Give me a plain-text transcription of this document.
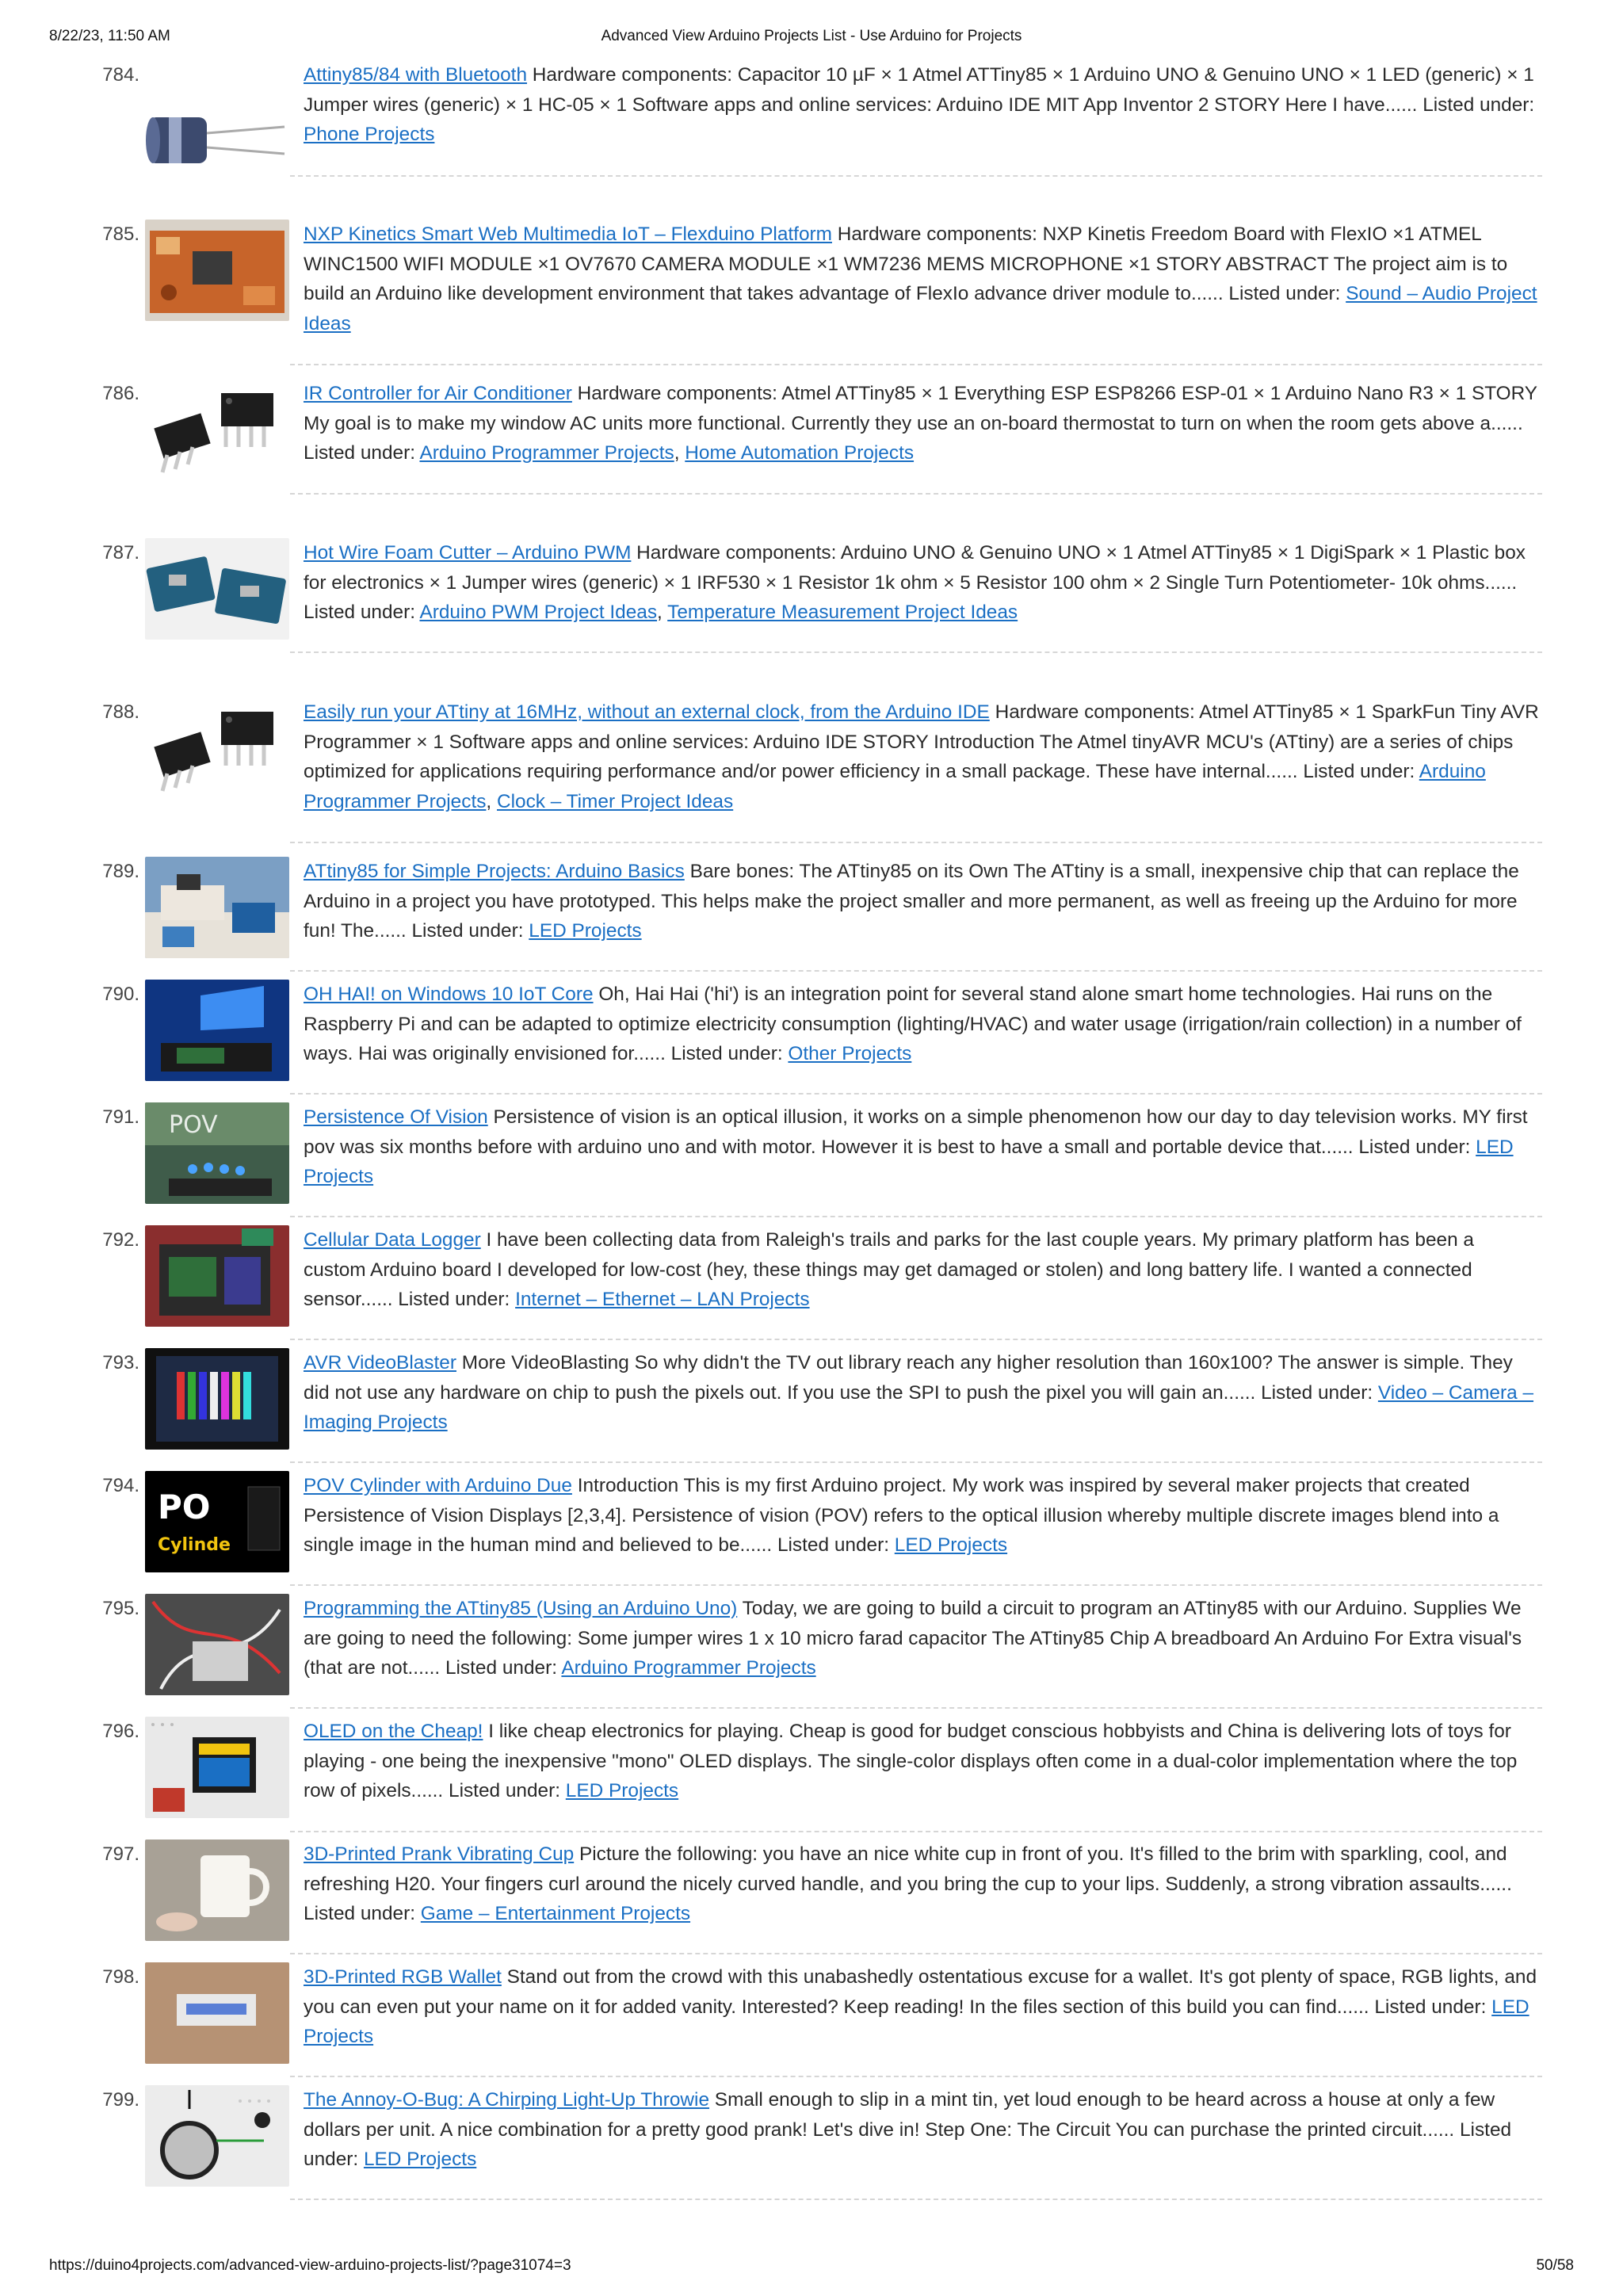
8/22/23, 11:50 AM	Advanced View Arduino Projects List - Use Arduino for Projects
784.	Attiny85/84 with Bluetooth Hardware components: Capacitor 10 µF × 1 Atmel ATTiny85 × 1 Arduino UNO & Genuino UNO × 1 LED (generic) × 1 Jumper wires (generic) × 1 HC-05 × 1 Software apps and online services: Arduino IDE MIT App Inventor 2 STORY Here I have...... Listed under: Phone Projects
785.	NXP Kinetics Smart Web Multimedia IoT – Flexduino Platform Hardware components: NXP Kinetis Freedom Board with FlexIO ×1 ATMEL WINC1500 WIFI MODULE ×1 OV7670 CAMERA MODULE ×1 WM7236 MEMS MICROPHONE ×1 STORY ABSTRACT The project aim is to build an Arduino like development environment that takes advantage of FlexIo advance driver module to...... Listed under: Sound – Audio Project Ideas
786.	IR Controller for Air Conditioner Hardware components: Atmel ATTiny85 × 1 Everything ESP ESP8266 ESP-01 × 1 Arduino Nano R3 × 1 STORY My goal is to make my window AC units more functional. Currently they use an on-board thermostat to turn on when the room gets above a...... Listed under: Arduino Programmer Projects, Home Automation Projects
787.	Hot Wire Foam Cutter – Arduino PWM Hardware components: Arduino UNO & Genuino UNO × 1 Atmel ATTiny85 × 1 DigiSpark × 1 Plastic box for electronics × 1 Jumper wires (generic) × 1 IRF530 × 1 Resistor 1k ohm × 5 Resistor 100 ohm × 2 Single Turn Potentiometer- 10k ohms...... Listed under: Arduino PWM Project Ideas, Temperature Measurement Project Ideas
788.	Easily run your ATtiny at 16MHz, without an external clock, from the Arduino IDE Hardware components: Atmel ATTiny85 × 1 SparkFun Tiny AVR Programmer × 1 Software apps and online services: Arduino IDE STORY Introduction The Atmel tinyAVR MCU's (ATtiny) are a series of chips optimized for applications requiring performance and/or power efficiency in a small package. These have internal...... Listed under: Arduino Programmer Projects, Clock – Timer Project Ideas
789.	ATtiny85 for Simple Projects: Arduino Basics Bare bones: The ATtiny85 on its Own The ATtiny is a small, inexpensive chip that can replace the Arduino in a project you have prototyped. This helps make the project smaller and more permanent, as well as freeing up the Arduino for more fun! The...... Listed under: LED Projects
790.	OH HAI! on Windows 10 IoT Core Oh, Hai Hai ('hi') is an integration point for several stand alone smart home technologies. Hai runs on the Raspberry Pi and can be adapted to optimize electricity consumption (lighting/HVAC) and water usage (irrigation/rain collection) in a number of ways. Hai was originally envisioned for...... Listed under: Other Projects
791. POV	Persistence Of Vision Persistence of vision is an optical illusion, it works on a simple phenomenon how our day to day television works. MY first pov was six months before with arduino uno and with motor. However it is best to have a small and portable device that...... Listed under: LED Projects
792.	Cellular Data Logger I have been collecting data from Raleigh's trails and parks for the last couple years. My primary platform has been a custom Arduino board I developed for low-cost (hey, these things may get damaged or stolen) and long battery life. I wanted a connected sensor...... Listed under: Internet – Ethernet – LAN Projects
793.	AVR VideoBlaster More VideoBlasting So why didn't the TV out library reach any higher resolution than 160x100? The answer is simple. They did not use any hardware on chip to push the pixels out. If you use the SPI to push the pixel you will gain an...... Listed under: Video – Camera – Imaging Projects
794.
PO
Cylinde
POV Cylinder with Arduino Due Introduction This is my first Arduino project. My work was inspired by several maker projects that created Persistence of Vision Displays [2,3,4]. Persistence of vision (POV) refers to the optical illusion whereby multiple discrete images blend into a single image in the human mind and believed to be...... Listed under: LED Projects
795.	Programming the ATtiny85 (Using an Arduino Uno) Today, we are going to build a circuit to program an ATtiny85 with our Arduino. Supplies We are going to need the following: Some jumper wires 1 x 10 micro farad capacitor The ATtiny85 Chip A breadboard An Arduino For Extra visual's (that are not...... Listed under: Arduino Programmer Projects
796.	OLED on the Cheap! I like cheap electronics for playing. Cheap is good for budget conscious hobbyists and China is delivering lots of toys for playing - one being the inexpensive "mono" OLED displays. The single-color displays often come in a dual-color implementation where the top row of pixels...... Listed under: LED Projects
797.	3D-Printed Prank Vibrating Cup Picture the following: you have an nice white cup in front of you. It's filled to the brim with sparkling, cool, and refreshing H20. Your fingers curl around the nicely curved handle, and you bring the cup to your lips. Suddenly, a strong vibration assaults...... Listed under: Game – Entertainment Projects
798.	3D-Printed RGB Wallet Stand out from the crowd with this unabashedly ostentatious excuse for a wallet. It's got plenty of space, RGB lights, and you can even put your name on it for added vanity. Interested? Keep reading! In the files section of this build you can find...... Listed under: LED Projects
799.	The Annoy-O-Bug: A Chirping Light-Up Throwie Small enough to slip in a mint tin, yet loud enough to be heard across a house at only a few dollars per unit. A nice combination for a pretty good prank! Let's dive in! Step One: The Circuit You can purchase the printed circuit...... Listed under: LED Projects
https://duino4projects.com/advanced-view-arduino-projects-list/?page31074=3	50/58
